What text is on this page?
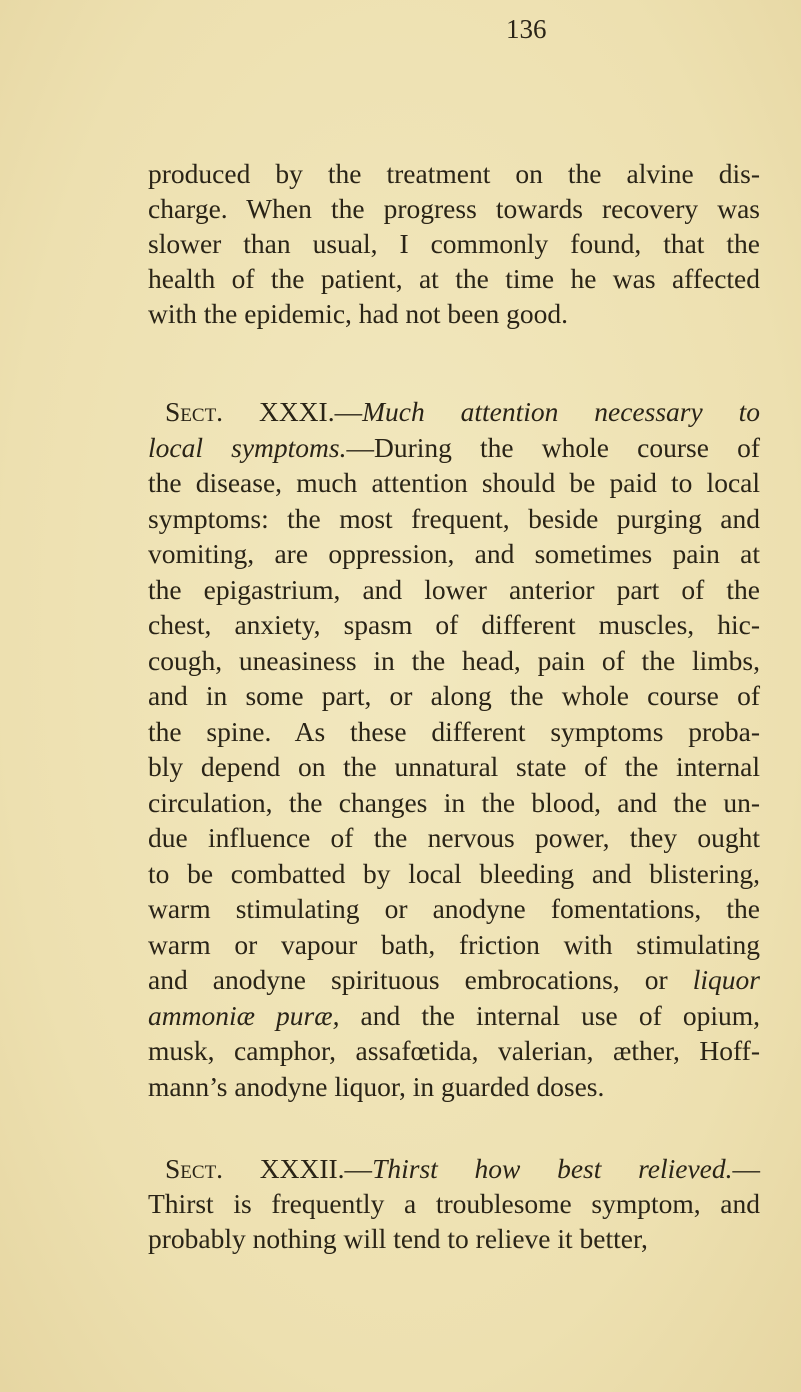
136
produced by the treatment on the alvine dis-
charge. When the progress towards recovery was
slower than usual, I commonly found, that the
health of the patient, at the time he was affected
with the epidemic, had not been good.
Sect. XXXI.—Much attention necessary to
local symptoms.—During the whole course of
the disease, much attention should be paid to local
symptoms: the most frequent, beside purging and
vomiting, are oppression, and sometimes pain at
the epigastrium, and lower anterior part of the
chest, anxiety, spasm of different muscles, hic-
cough, uneasiness in the head, pain of the limbs,
and in some part, or along the whole course of
the spine. As these different symptoms proba-
bly depend on the unnatural state of the internal
circulation, the changes in the blood, and the un-
due influence of the nervous power, they ought
to be combatted by local bleeding and blistering,
warm stimulating or anodyne fomentations, the
warm or vapour bath, friction with stimulating
and anodyne spirituous embrocations, or liquor
ammoniæ puræ, and the internal use of opium,
musk, camphor, assafœtida, valerian, æther, Hoff-
mann’s anodyne liquor, in guarded doses.
Sect. XXXII.—Thirst how best relieved.—
Thirst is frequently a troublesome symptom, and
probably nothing will tend to relieve it better,
